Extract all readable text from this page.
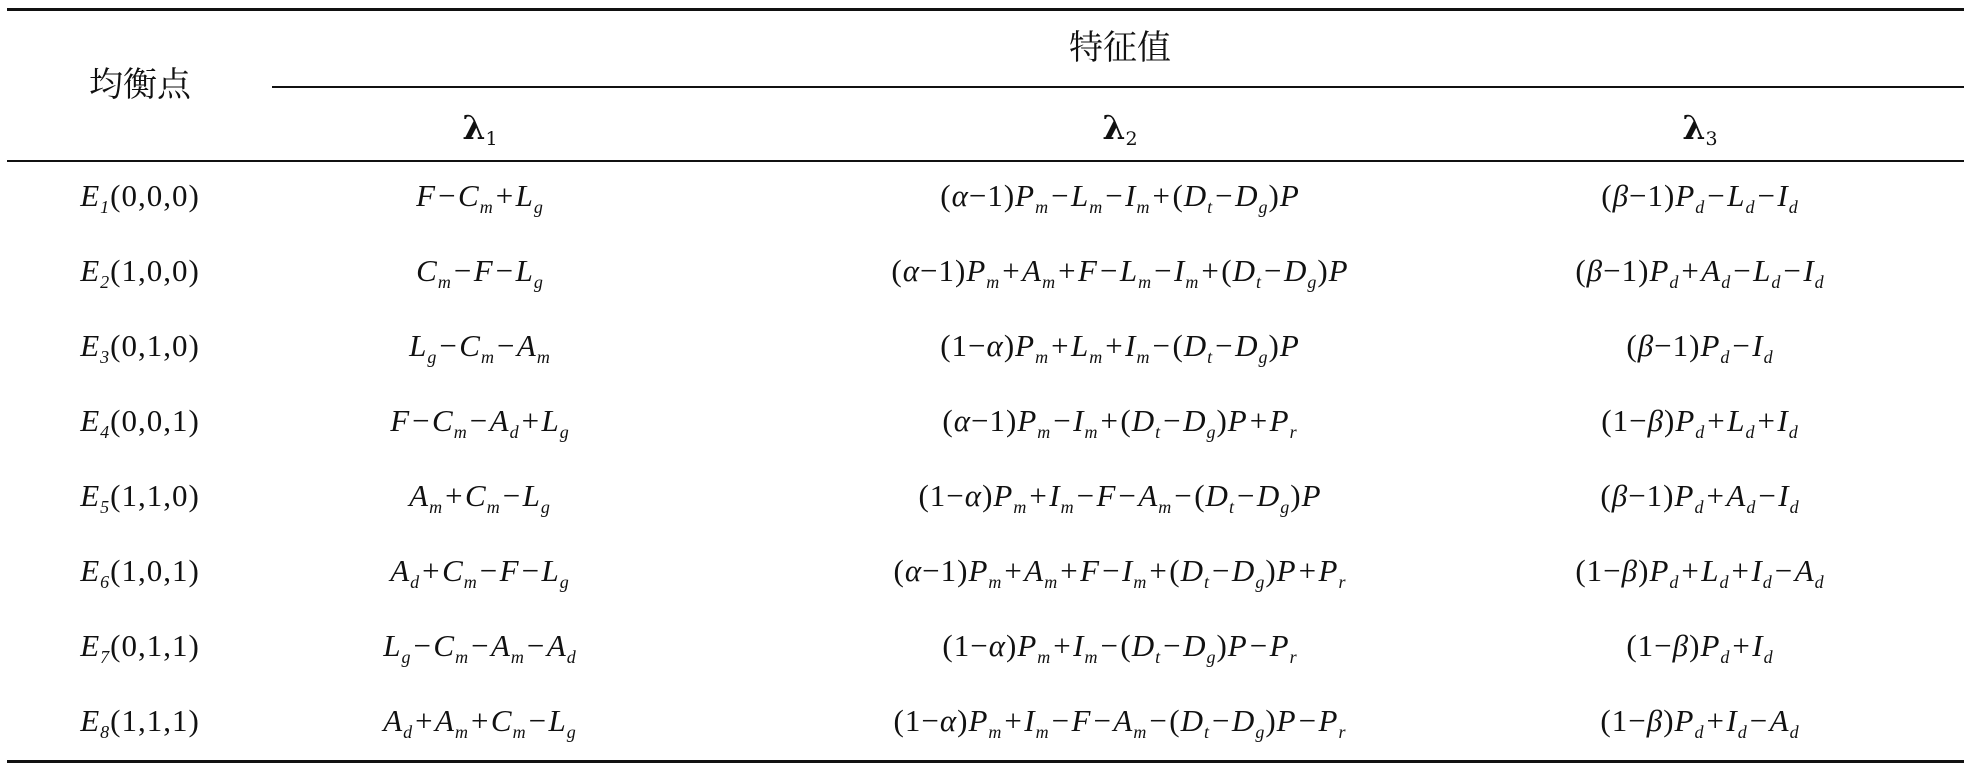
均衡点
特征值
$\lambda_1$	$\lambda_2$	$\lambda_3$
$E_1(0,0,0)$	$F-C_m+L_g$	$(\alpha-1)P_m-L_m-I_m+(D_t-D_g)P$	$(\beta-1)P_d-L_d-I_d$
$E_2(1,0,0)$	$C_m-F-L_g$	$(\alpha-1)P_m+A_m+F-L_m-I_m+(D_t-D_g)P$	$(\beta-1)P_d+A_d-L_d-I_d$
$E_3(0,1,0)$	$L_g-C_m-A_m$	$(1-\alpha)P_m+L_m+I_m-(D_t-D_g)P$	$(\beta-1)P_d-I_d$
$E_4(0,0,1)$	$F-C_m-A_d+L_g$	$(\alpha-1)P_m-I_m+(D_t-D_g)P+P_r$	$(1-\beta)P_d+L_d+I_d$
$E_5(1,1,0)$	$A_m+C_m-L_g$	$(1-\alpha)P_m+I_m-F-A_m-(D_t-D_g)P$	$(\beta-1)P_d+A_d-I_d$
$E_6(1,0,1)$	$A_d+C_m-F-L_g$	$(\alpha-1)P_m+A_m+F-I_m+(D_t-D_g)P+P_r$	$(1-\beta)P_d+L_d+I_d-A_d$
$E_7(0,1,1)$	$L_g-C_m-A_m-A_d$	$(1-\alpha)P_m+I_m-(D_t-D_g)P-P_r$	$(1-\beta)P_d+I_d$
$E_8(1,1,1)$	$A_d+A_m+C_m-L_g$	$(1-\alpha)P_m+I_m-F-A_m-(D_t-D_g)P-P_r$	$(1-\beta)P_d+I_d-A_d$
